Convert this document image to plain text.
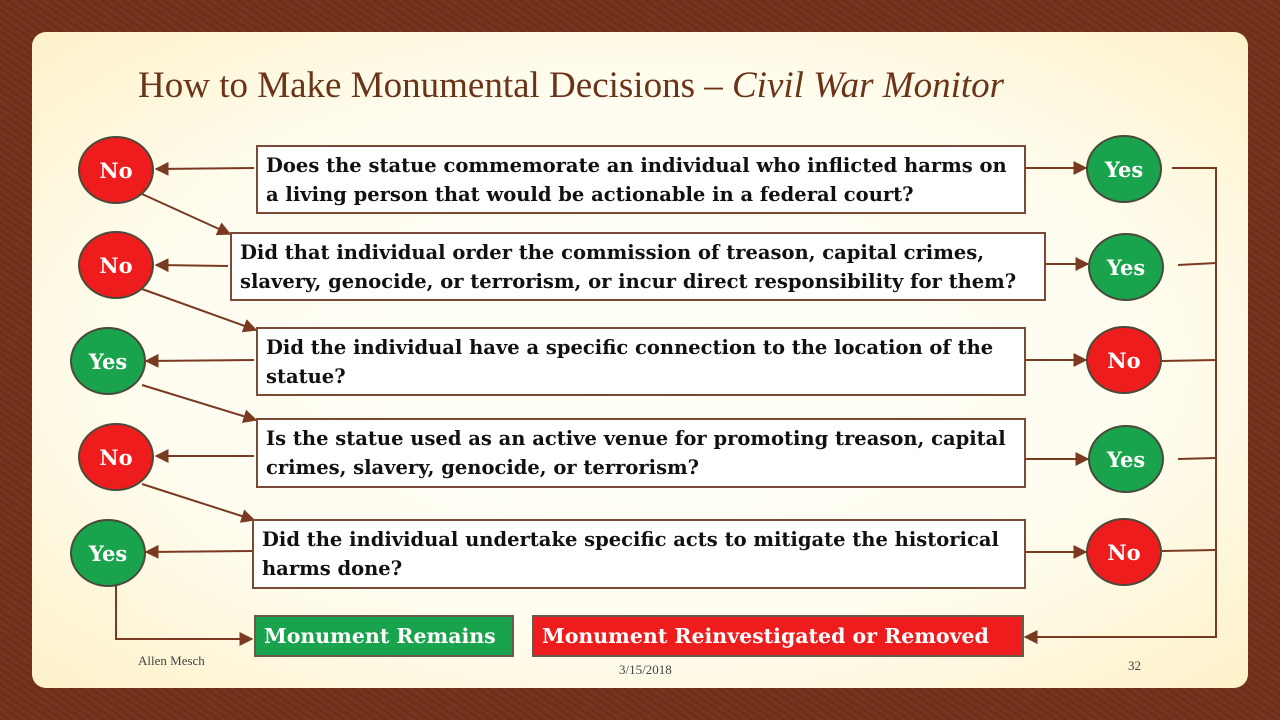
How to Make Monumental Decisions – Civil War Monitor
Does the statue commemorate an individual who inflicted harms on a living person that would be actionable in a federal court?
Did that individual order the commission of treason, capital crimes, slavery, genocide, or terrorism, or incur direct responsibility for them?
Did the individual have a specific connection to the location of the statue?
Is the statue used as an active venue for promoting treason, capital crimes, slavery, genocide, or terrorism?
Did the individual undertake specific acts to mitigate the historical harms done?
No
No
Yes
No
Yes
Yes
Yes
No
Yes
No
Monument Remains Monument Reinvestigated or Removed
Allen Mesch
3/15/2018	32
